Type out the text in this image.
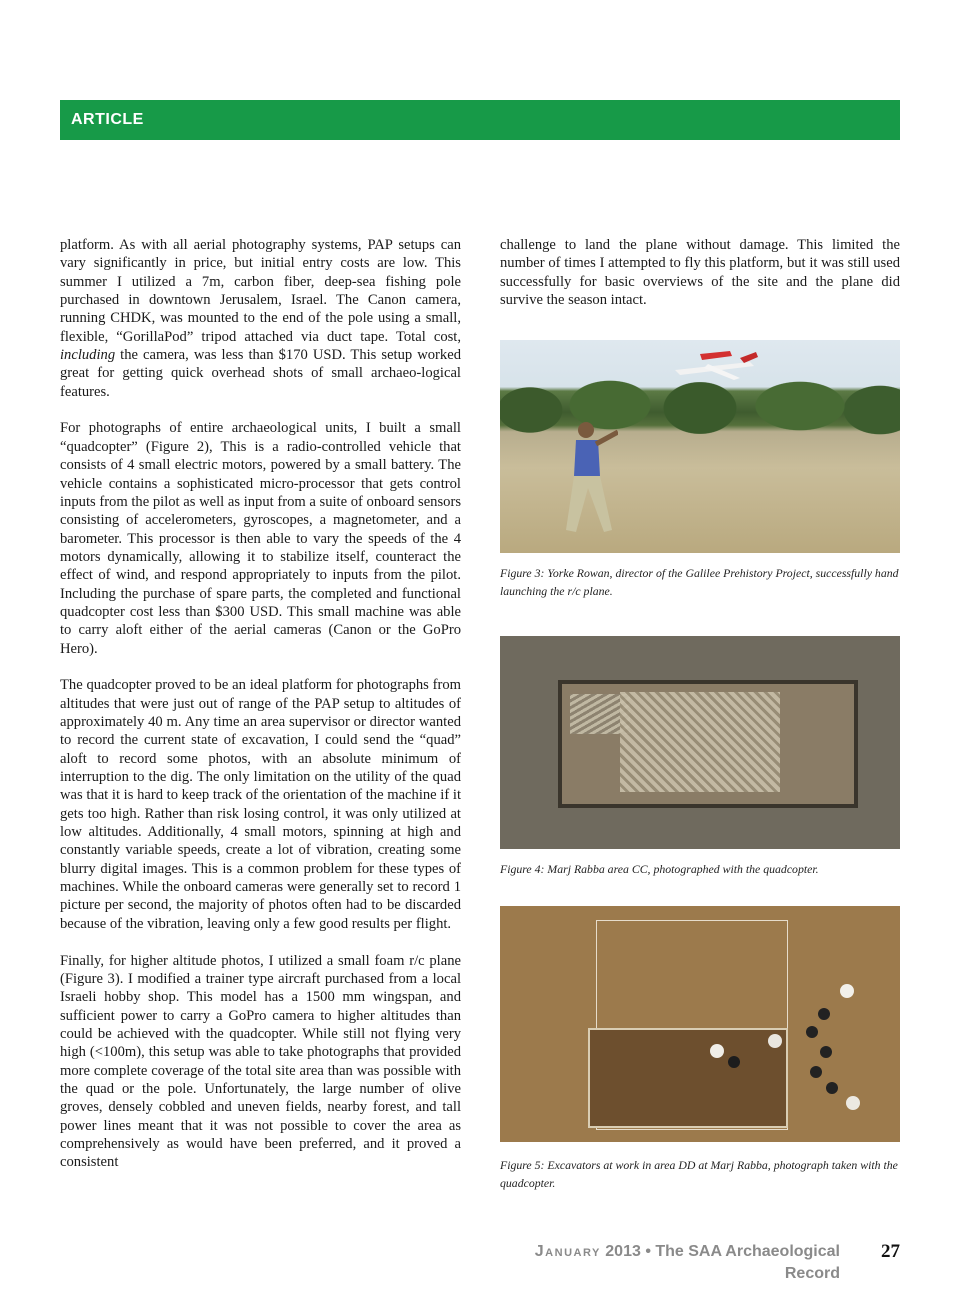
ARTICLE

platform. As with all aerial photography systems, PAP setups can vary significantly in price, but initial entry costs are low. This summer I utilized a 7m, carbon fiber, deep-sea fishing pole purchased in downtown Jerusalem, Israel. The Canon camera, running CHDK, was mounted to the end of the pole using a small, flexible, “GorillaPod” tripod attached via duct tape. Total cost, including the camera, was less than $170 USD. This setup worked great for getting quick overhead shots of small archaeo-logical features.

For photographs of entire archaeological units, I built a small “quadcopter” (Figure 2), This is a radio-controlled vehicle that consists of 4 small electric motors, powered by a small battery. The vehicle contains a sophisticated micro-processor that gets control inputs from the pilot as well as input from a suite of onboard sensors consisting of accelerometers, gyroscopes, a magnetometer, and a barometer. This processor is then able to vary the speeds of the 4 motors dynamically, allowing it to stabilize itself, counteract the effect of wind, and respond appropriately to inputs from the pilot. Including the purchase of spare parts, the completed and functional quadcopter cost less than $300 USD. This small machine was able to carry aloft either of the aerial cameras (Canon or the GoPro Hero).

The quadcopter proved to be an ideal platform for photographs from altitudes that were just out of range of the PAP setup to altitudes of approximately 40 m. Any time an area supervisor or director wanted to record the current state of excavation, I could send the “quad” aloft to record some photos, with an absolute minimum of interruption to the dig. The only limitation on the utility of the quad was that it is hard to keep track of the orientation of the machine if it gets too high. Rather than risk losing control, it was only utilized at low altitudes. Additionally, 4 small motors, spinning at high and constantly variable speeds, create a lot of vibration, creating some blurry digital images. This is a common problem for these types of machines. While the onboard cameras were generally set to record 1 picture per second, the majority of photos often had to be discarded because of the vibration, leaving only a few good results per flight.

Finally, for higher altitude photos, I utilized a small foam r/c plane (Figure 3). I modified a trainer type aircraft purchased from a local Israeli hobby shop. This model has a 1500 mm wingspan, and sufficient power to carry a GoPro camera to higher altitudes than could be achieved with the quadcopter. While still not flying very high (<100m), this setup was able to take photographs that provided more complete coverage of the total site area than was possible with the quad or the pole. Unfortunately, the large number of olive groves, densely cobbled and uneven fields, nearby forest, and tall power lines meant that it was not possible to cover the area as comprehensively as would have been preferred, and it proved a consistent

challenge to land the plane without damage. This limited the number of times I attempted to fly this platform, but it was still used successfully for basic overviews of the site and the plane did survive the season intact.

Figure 3: Yorke Rowan, director of the Galilee Prehistory Project, successfully hand launching the r/c plane.
Figure 4: Marj Rabba area CC, photographed with the quadcopter.
Figure 5: Excavators at work in area DD at Marj Rabba, photograph taken with the quadcopter.
January 2013 • The SAA Archaeological Record
27
